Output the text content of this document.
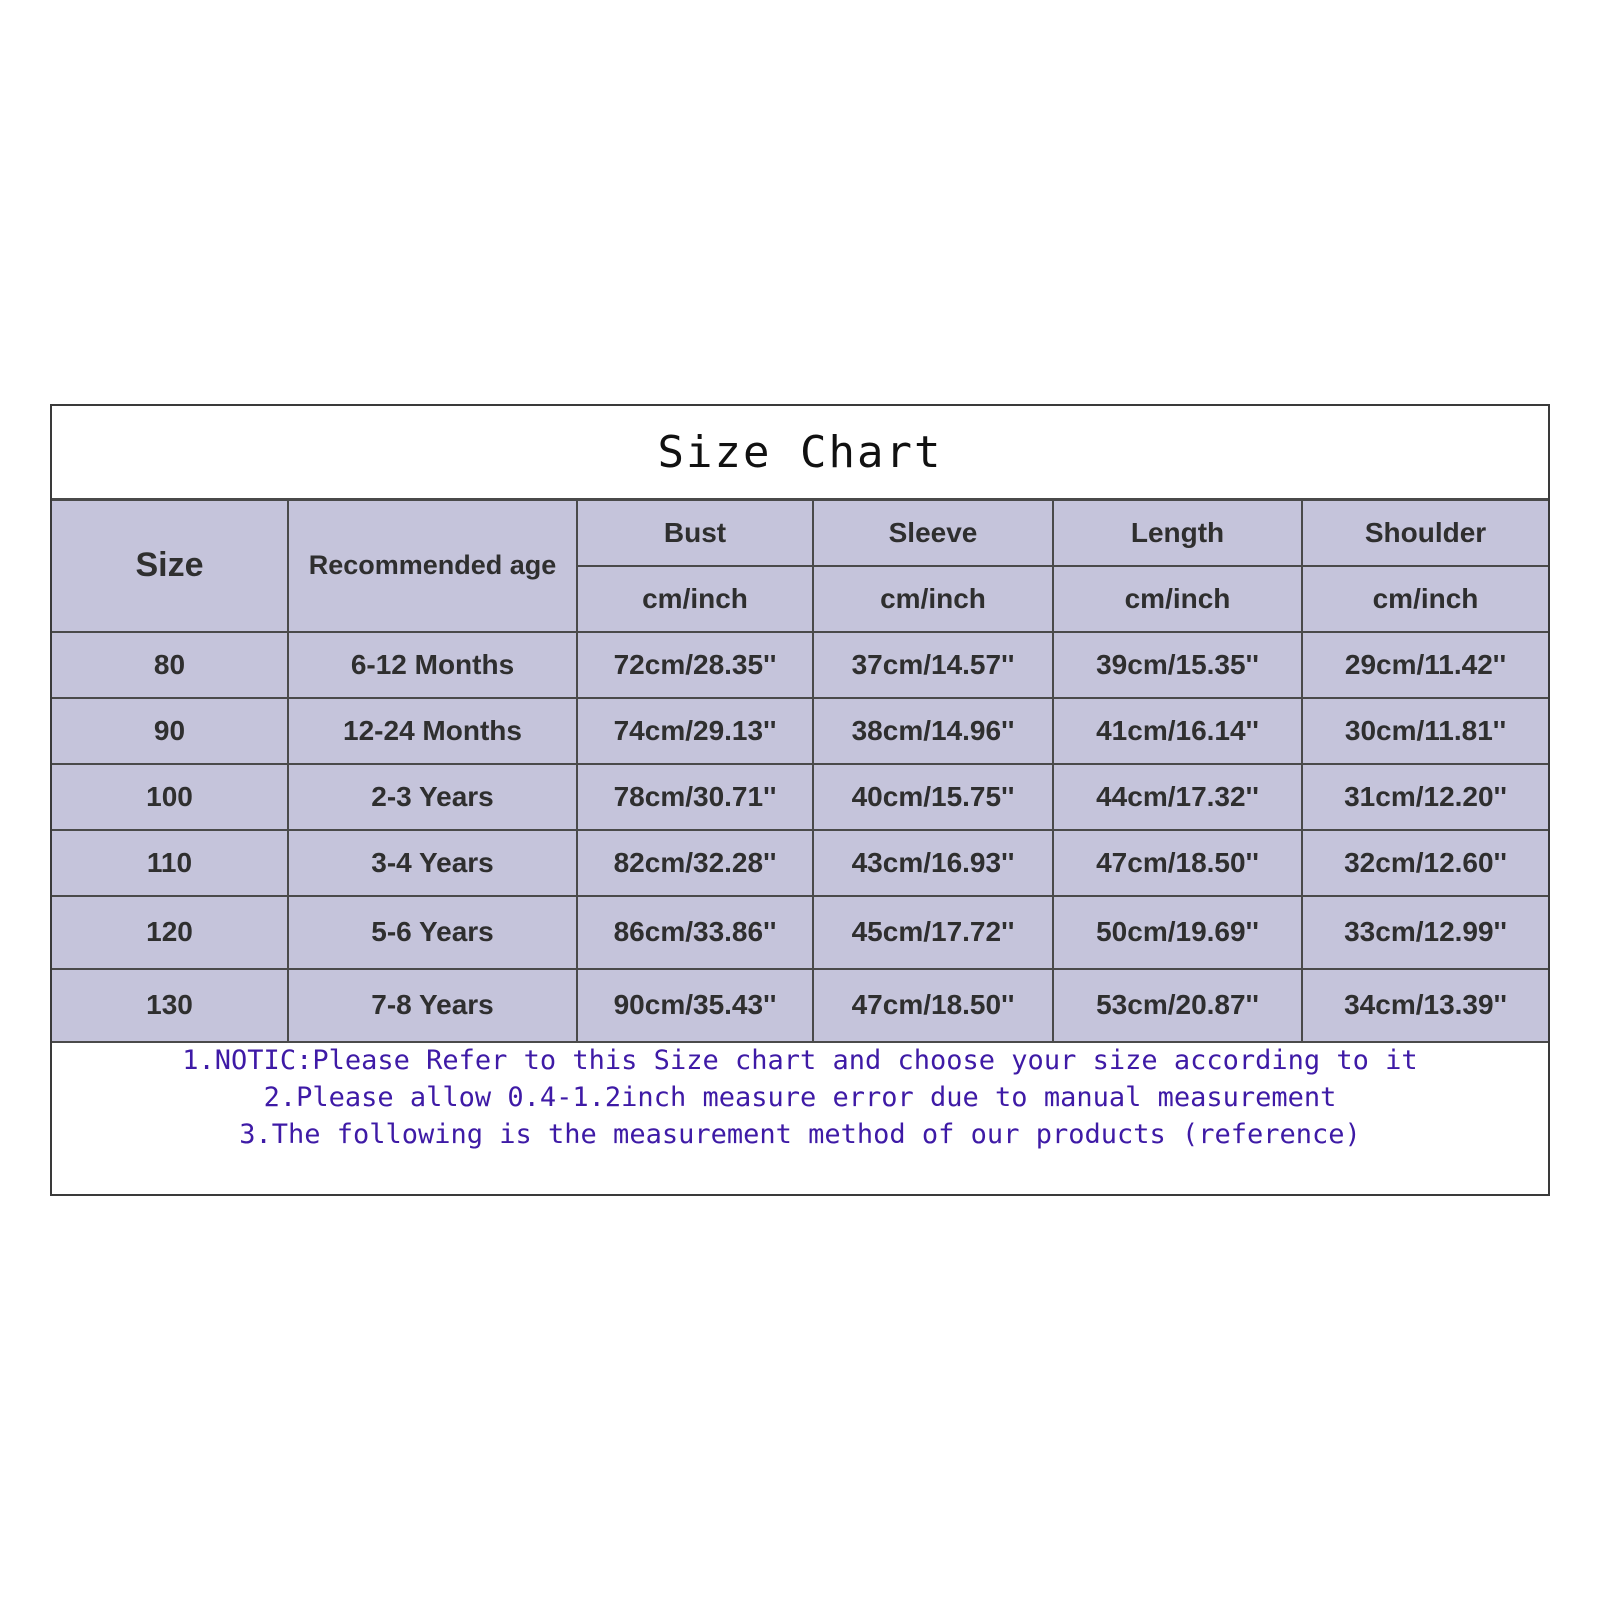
Size Chart
Size	Recommended age	Bust	Sleeve	Length	Shoulder
		cm/inch	cm/inch	cm/inch	cm/inch
80	6-12 Months	72cm/28.35''	37cm/14.57''	39cm/15.35''	29cm/11.42''
90	12-24 Months	74cm/29.13''	38cm/14.96''	41cm/16.14''	30cm/11.81''
100	2-3 Years	78cm/30.71''	40cm/15.75''	44cm/17.32''	31cm/12.20''
110	3-4 Years	82cm/32.28''	43cm/16.93''	47cm/18.50''	32cm/12.60''
120	5-6 Years	86cm/33.86''	45cm/17.72''	50cm/19.69''	33cm/12.99''
130	7-8 Years	90cm/35.43''	47cm/18.50''	53cm/20.87''	34cm/13.39''
1.NOTIC:Please Refer to this Size chart and choose your size according to it
2.Please allow 0.4-1.2inch measure error due to manual measurement
3.The following is the measurement method of our products (reference)
